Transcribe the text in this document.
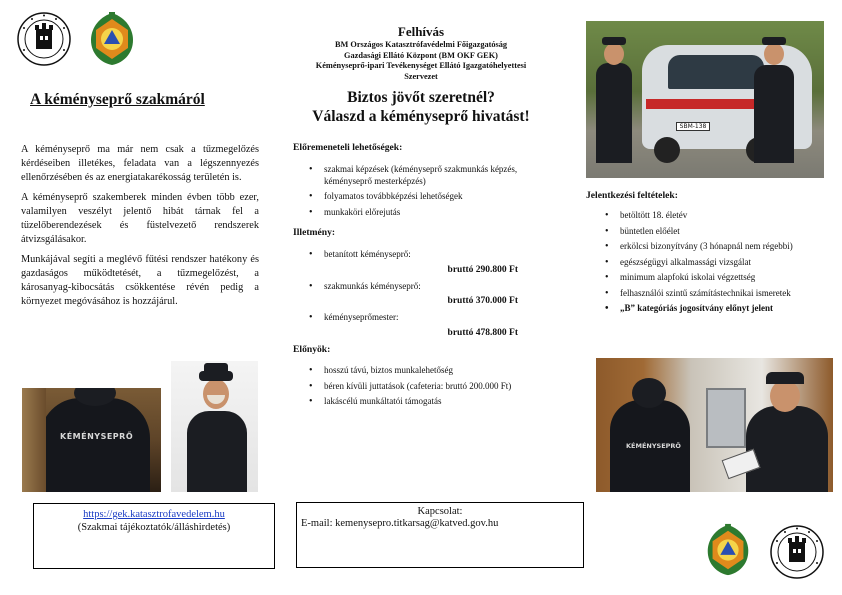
A kéményseprő szakmáról

A kéményseprő ma már nem csak a tűzmegelőzés kérdéseiben illetékes, feladata van a légszennyezés ellenőrzésében és az energiatakarékosság területén is.

A kéményseprő szakemberek minden évben több ezer, valamilyen veszélyt jelentő hibát tárnak fel a tüzelőberendezések és füstelvezető rendszerek átvizsgálásakor.

Munkájával segíti a meglévő fűtési rendszer hatékony és gazdaságos működtetését, a tűzmegelőzést, a károsanyag-kibocsátás csökkentése révén pedig a környezet megóvásához is hozzájárul.

KÉMÉNYSEPRŐ
https://gek.katasztrofavedelem.hu
(Szakmai tájékoztatók/álláshirdetés)
Felhívás
BM Országos Katasztrófavédelmi Főigazgatóság
Gazdasági Ellátó Központ (BM OKF GEK)
Kéményseprő-ipari Tevékenységet Ellátó Igazgatóhelyettesi
Szervezet
Biztos jövőt szeretnél?
Válaszd a kéményseprő hivatást!
Előremeneteli lehetőségek:
• szakmai képzések (kéményseprő szakmunkás képzés, kéményseprő mesterképzés)
• folyamatos továbbképzési lehetőségek
• munkaköri előrejutás
Illetmény:
• betanított kéményseprő:
bruttó 290.800 Ft
• szakmunkás kéményseprő:
bruttó 370.000 Ft
• kéményseprőmester:
bruttó 478.800 Ft
Előnyök:
• hosszú távú, biztos munkalehetőség
• béren kívüli juttatások (cafeteria: bruttó 200.000 Ft)
• lakáscélú munkáltatói támogatás
Kapcsolat:
E-mail: kemenysepro.titkarsag@katved.gov.hu
SBM-138
Jelentkezési feltételek:
• betöltött 18. életév
• büntetlen előélet
• erkölcsi bizonyítvány (3 hónapnál nem régebbi)
• egészségügyi alkalmassági vizsgálat
• minimum alapfokú iskolai végzettség
• felhasználói szintű számítástechnikai ismeretek
• „B” kategóriás jogosítvány előnyt jelent
KÉMÉNYSEPRŐ
